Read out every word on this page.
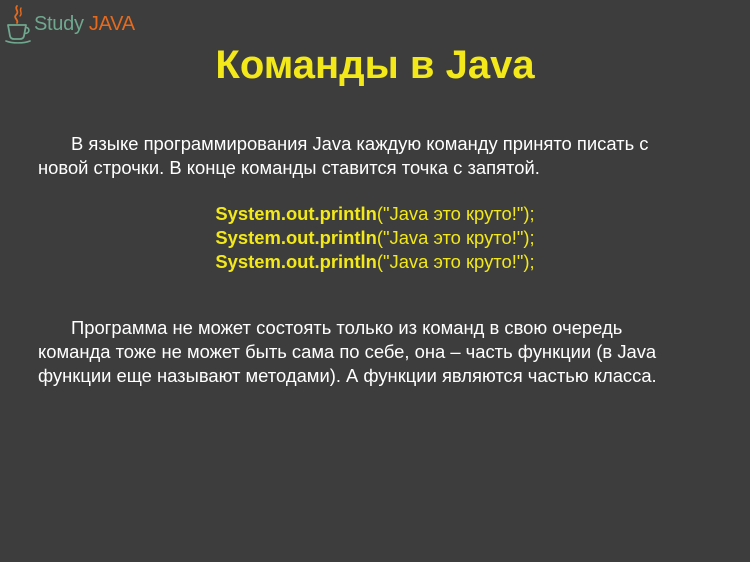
Study JAVA
Команды в Java

В языке программирования Java каждую команду принято писать с новой строчки. В конце команды ставится точка с запятой.

System.out.println("Java это круто!");
System.out.println("Java это круто!");
System.out.println("Java это круто!");

Программа не может состоять только из команд в свою очередь команда тоже не может быть сама по себе, она – часть функции (в Java функции еще называют методами). А функции являются частью класса.
